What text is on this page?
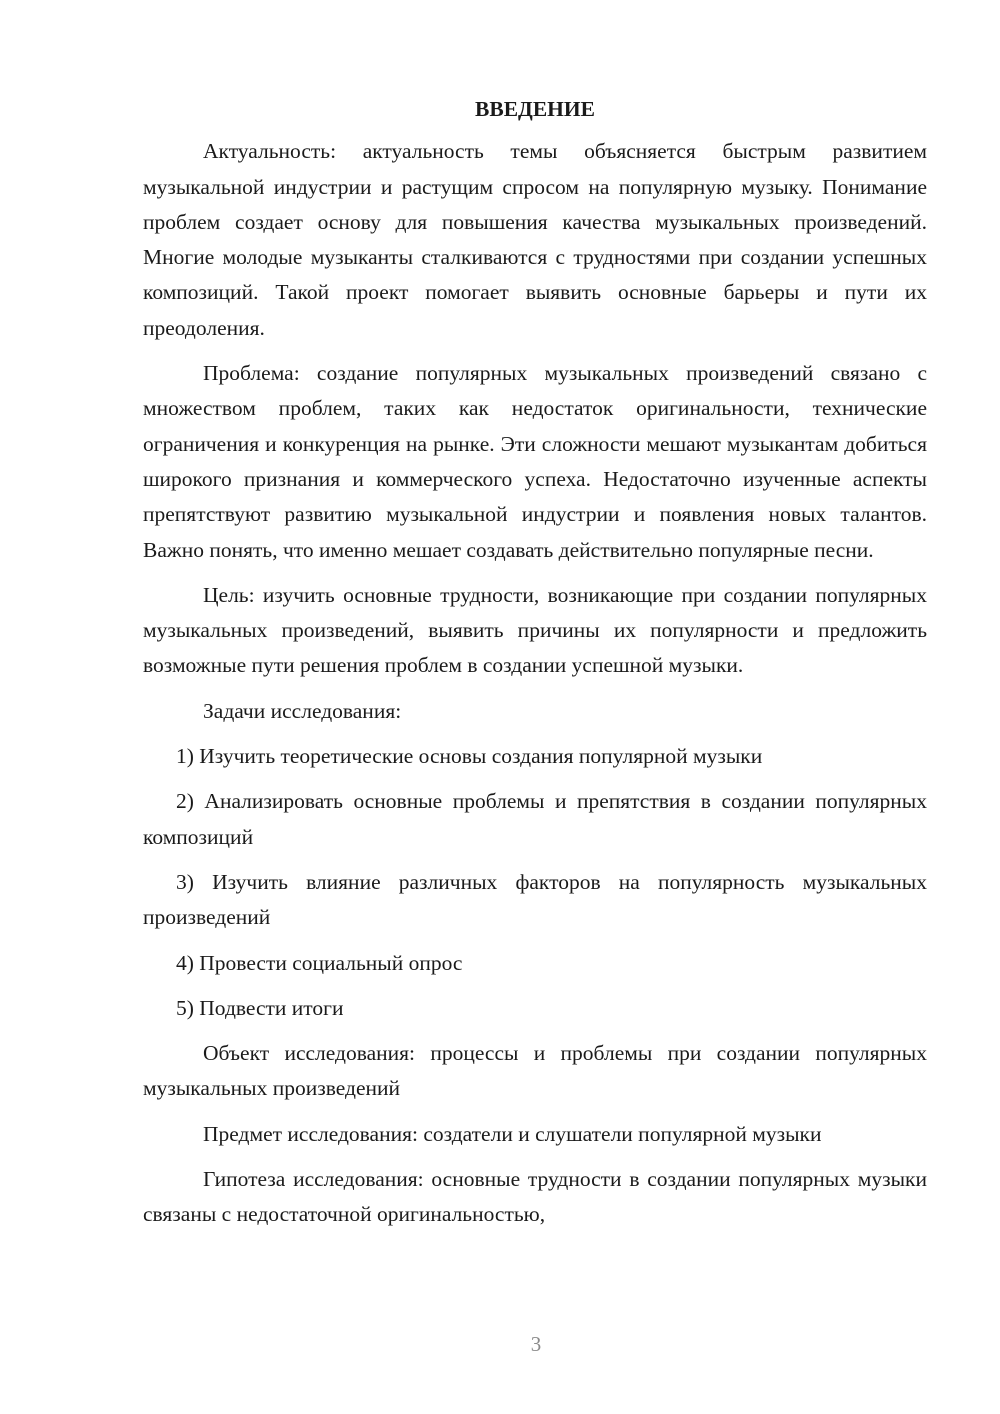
ВВЕДЕНИЕ

Актуальность: актуальность темы объясняется быстрым развитием музыкальной индустрии и растущим спросом на популярную музыку. Понимание проблем создает основу для повышения качества музыкальных произведений. Многие молодые музыканты сталкиваются с трудностями при создании успешных композиций. Такой проект помогает выявить основные барьеры и пути их преодоления.

Проблема: создание популярных музыкальных произведений связано с множеством проблем, таких как недостаток оригинальности, технические ограничения и конкуренция на рынке. Эти сложности мешают музыкантам добиться широкого признания и коммерческого успеха. Недостаточно изученные аспекты препятствуют развитию музыкальной индустрии и появления новых талантов. Важно понять, что именно мешает создавать действительно популярные песни.

Цель: изучить основные трудности, возникающие при создании популярных музыкальных произведений, выявить причины их популярности и предложить возможные пути решения проблем в создании успешной музыки.

Задачи исследования:

1) Изучить теоретические основы создания популярной музыки

2) Анализировать основные проблемы и препятствия в создании популярных композиций

3) Изучить влияние различных факторов на популярность музыкальных произведений

4) Провести социальный опрос

5) Подвести итоги

Объект исследования: процессы и проблемы при создании популярных музыкальных произведений

Предмет исследования: создатели и слушатели популярной музыки

Гипотеза исследования: основные трудности в создании популярных музыки связаны с недостаточной оригинальностью,

3
